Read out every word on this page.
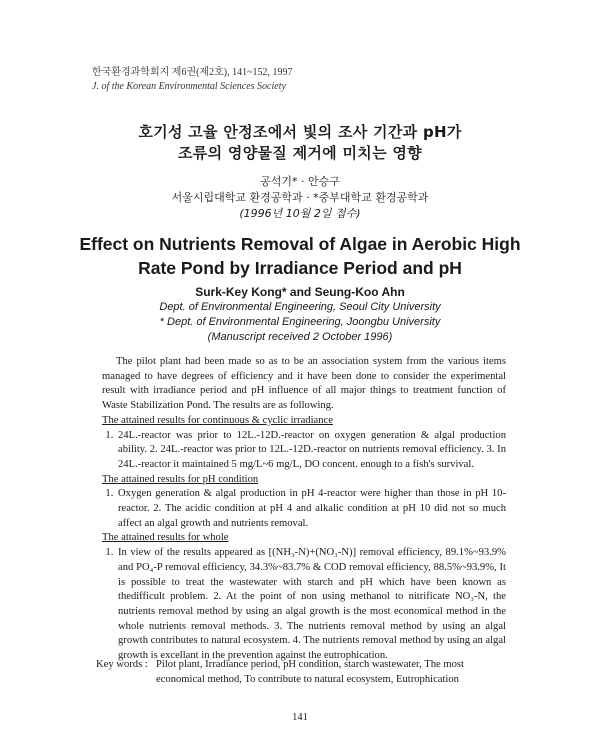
한국환경과학회지 제6권(제2호), 141~152, 1997
J. of the Korean Environmental Sciences Society
호기성 고율 안정조에서 빛의 조사 기간과 pH가
조류의 영양물질 제거에 미치는 영향
공석기* · 안승구
서울시립대학교 환경공학과 · *중부대학교 환경공학과
(1996년 10월 2일 접수)
Effect on Nutrients Removal of Algae in Aerobic High
Rate Pond by Irradiance Period and pH
Surk-Key Kong* and Seung-Koo Ahn
Dept. of Environmental Engineering, Seoul City University
* Dept. of Environmental Engineering, Joongbu University
(Manuscript received 2 October 1996)

The pilot plant had been made so as to be an association system from the various items managed to have degrees of efficiency and it have been done to consider the experimental result with irradiance period and pH influence of all major things to treatment function of Waste Stabilization Pond. The results are as following.

The attained results for continuous & cyclic irradiance

1. 24L.-reactor was prior to 12L.-12D.-reactor on oxygen generation & algal production ability. 2. 24L.-reactor was prior to 12L.-12D.-reactor on nutrients removal efficiency. 3. In 24L.-reactor it maintained 5 mg/L~6 mg/L, DO concent. enough to a fish's survival.

The attained results for pH condition

1. Oxygen generation & algal production in pH 4-reactor were higher than those in pH 10-reactor. 2. The acidic condition at pH 4 and alkalic condition at pH 10 did not so much affect an algal growth and nutrients removal.

The attained results for whole

1. In view of the results appeared as [(NH₃-N)+(NO₃-N)] removal efficiency, 89.1%~93.9% and PO₄-P removal efficiency, 34.3%~83.7% & COD removal efficiency, 88.5%~93.9%, It is possible to treat the wastewater with starch and pH which have been known as thedifficult problem. 2. At the point of non using methanol to nitrificate NO₃-N, the nutrients removal method by using an algal growth is the most economical method in the whole nutrients removal methods. 3. The nutrients removal method by using an algal growth contributes to natural ecosystem. 4. The nutrients removal method by using an algal growth is excellant in the prevention against the eutrophication.
Key words : Pilot plant, Irradiance period, pH condition, starch wastewater, The most
economical method, To contribute to natural ecosystem, Eutrophication
141
